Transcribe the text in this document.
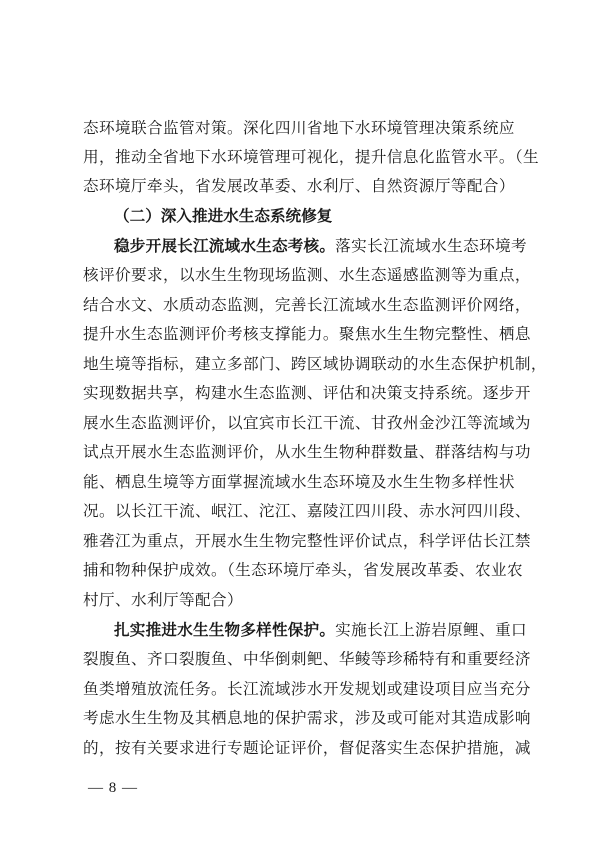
态环境联合监管对策。深化四川省地下水环境管理决策系统应
用，推动全省地下水环境管理可视化，提升信息化监管水平。（生
态环境厅牵头，省发展改革委、水利厅、自然资源厅等配合）
（二）深入推进水生态系统修复
稳步开展长江流域水生态考核。落实长江流域水生态环境考
核评价要求，以水生生物现场监测、水生态遥感监测等为重点，
结合水文、水质动态监测，完善长江流域水生态监测评价网络，
提升水生态监测评价考核支撑能力。聚焦水生生物完整性、栖息
地生境等指标，建立多部门、跨区域协调联动的水生态保护机制，
实现数据共享，构建水生态监测、评估和决策支持系统。逐步开
展水生态监测评价，以宜宾市长江干流、甘孜州金沙江等流域为
试点开展水生态监测评价，从水生生物种群数量、群落结构与功
能、栖息生境等方面掌握流域水生态环境及水生生物多样性状
况。以长江干流、岷江、沱江、嘉陵江四川段、赤水河四川段、
雅砻江为重点，开展水生生物完整性评价试点，科学评估长江禁
捕和物种保护成效。（生态环境厅牵头，省发展改革委、农业农
村厅、水利厅等配合）
扎实推进水生生物多样性保护。实施长江上游岩原鲤、重口
裂腹鱼、齐口裂腹鱼、中华倒刺鲃、华鲮等珍稀特有和重要经济
鱼类增殖放流任务。长江流域涉水开发规划或建设项目应当充分
考虑水生生物及其栖息地的保护需求，涉及或可能对其造成影响
的，按有关要求进行专题论证评价，督促落实生态保护措施，减
— 8 —
